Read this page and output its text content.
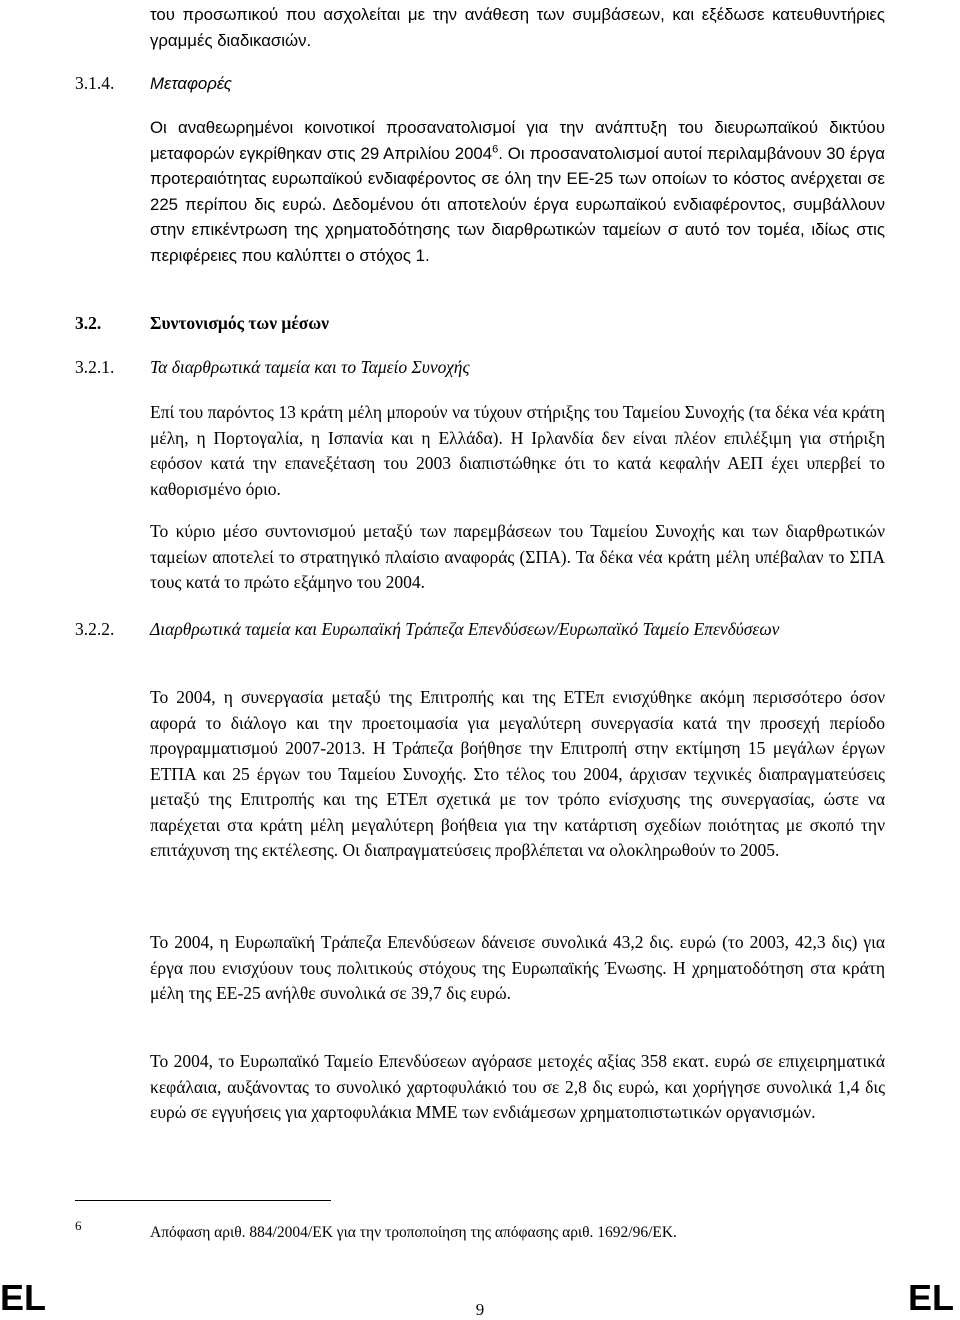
του προσωπικού που ασχολείται με την ανάθεση των συμβάσεων, και εξέδωσε κατευθυντήριες γραμμές διαδικασιών.

3.1.4. Μεταφορές

Οι αναθεωρημένοι κοινοτικοί προσανατολισμοί για την ανάπτυξη του διευρωπαϊκού δικτύου μεταφορών εγκρίθηκαν στις 29 Απριλίου 2004$^6$. Οι προσανατολισμοί αυτοί περιλαμβάνουν 30 έργα προτεραιότητας ευρωπαϊκού ενδιαφέροντος σε όλη την ΕΕ-25 των οποίων το κόστος ανέρχεται σε 225 περίπου δις ευρώ. Δεδομένου ότι αποτελούν έργα ευρωπαϊκού ενδιαφέροντος, συμβάλλουν στην επικέντρωση της χρηματοδότησης των διαρθρωτικών ταμείων σ αυτό τον τομέα, ιδίως στις περιφέρειες που καλύπτει ο στόχος 1.

3.2.	Συντονισμός των μέσων
3.2.1. Τα διαρθρωτικά ταμεία και το Ταμείο Συνοχής

Επί του παρόντος 13 κράτη μέλη μπορούν να τύχουν στήριξης του Ταμείου Συνοχής (τα δέκα νέα κράτη μέλη, η Πορτογαλία, η Ισπανία και η Ελλάδα). Η Ιρλανδία δεν είναι πλέον επιλέξιμη για στήριξη εφόσον κατά την επανεξέταση του 2003 διαπιστώθηκε ότι το κατά κεφαλήν ΑΕΠ έχει υπερβεί το καθορισμένο όριο.

Το κύριο μέσο συντονισμού μεταξύ των παρεμβάσεων του Ταμείου Συνοχής και των διαρθρωτικών ταμείων αποτελεί το στρατηγικό πλαίσιο αναφοράς (ΣΠΑ). Τα δέκα νέα κράτη μέλη υπέβαλαν το ΣΠΑ τους κατά το πρώτο εξάμηνο του 2004.

3.2.2. Διαρθρωτικά ταμεία και Ευρωπαϊκή Τράπεζα Επενδύσεων/Ευρωπαϊκό Ταμείο Επενδύσεων

Το 2004, η συνεργασία μεταξύ της Επιτροπής και της ΕΤΕπ ενισχύθηκε ακόμη περισσότερο όσον αφορά το διάλογο και την προετοιμασία για μεγαλύτερη συνεργασία κατά την προσεχή περίοδο προγραμματισμού 2007-2013. Η Τράπεζα βοήθησε την Επιτροπή στην εκτίμηση 15 μεγάλων έργων ΕΤΠΑ και 25 έργων του Ταμείου Συνοχής. Στο τέλος του 2004, άρχισαν τεχνικές διαπραγματεύσεις μεταξύ της Επιτροπής και της ΕΤΕπ σχετικά με τον τρόπο ενίσχυσης της συνεργασίας, ώστε να παρέχεται στα κράτη μέλη μεγαλύτερη βοήθεια για την κατάρτιση σχεδίων ποιότητας με σκοπό την επιτάχυνση της εκτέλεσης. Οι διαπραγματεύσεις προβλέπεται να ολοκληρωθούν το 2005.

Το 2004, η Ευρωπαϊκή Τράπεζα Επενδύσεων δάνεισε συνολικά 43,2 δις. ευρώ (το 2003, 42,3 δις) για έργα που ενισχύουν τους πολιτικούς στόχους της Ευρωπαϊκής Ένωσης. Η χρηματοδότηση στα κράτη μέλη της ΕΕ-25 ανήλθε συνολικά σε 39,7 δις ευρώ.

Το 2004, το Ευρωπαϊκό Ταμείο Επενδύσεων αγόρασε μετοχές αξίας 358 εκατ. ευρώ σε επιχειρηματικά κεφάλαια, αυξάνοντας το συνολικό χαρτοφυλάκιό του σε 2,8 δις ευρώ, και χορήγησε συνολικά 1,4 δις ευρώ σε εγγυήσεις για χαρτοφυλάκια ΜΜΕ των ενδιάμεσων χρηματοπιστωτικών οργανισμών.

6	Απόφαση αριθ. 884/2004/ΕΚ για την τροποποίηση της απόφασης αριθ. 1692/96/ΕΚ.
EL	9	EL
